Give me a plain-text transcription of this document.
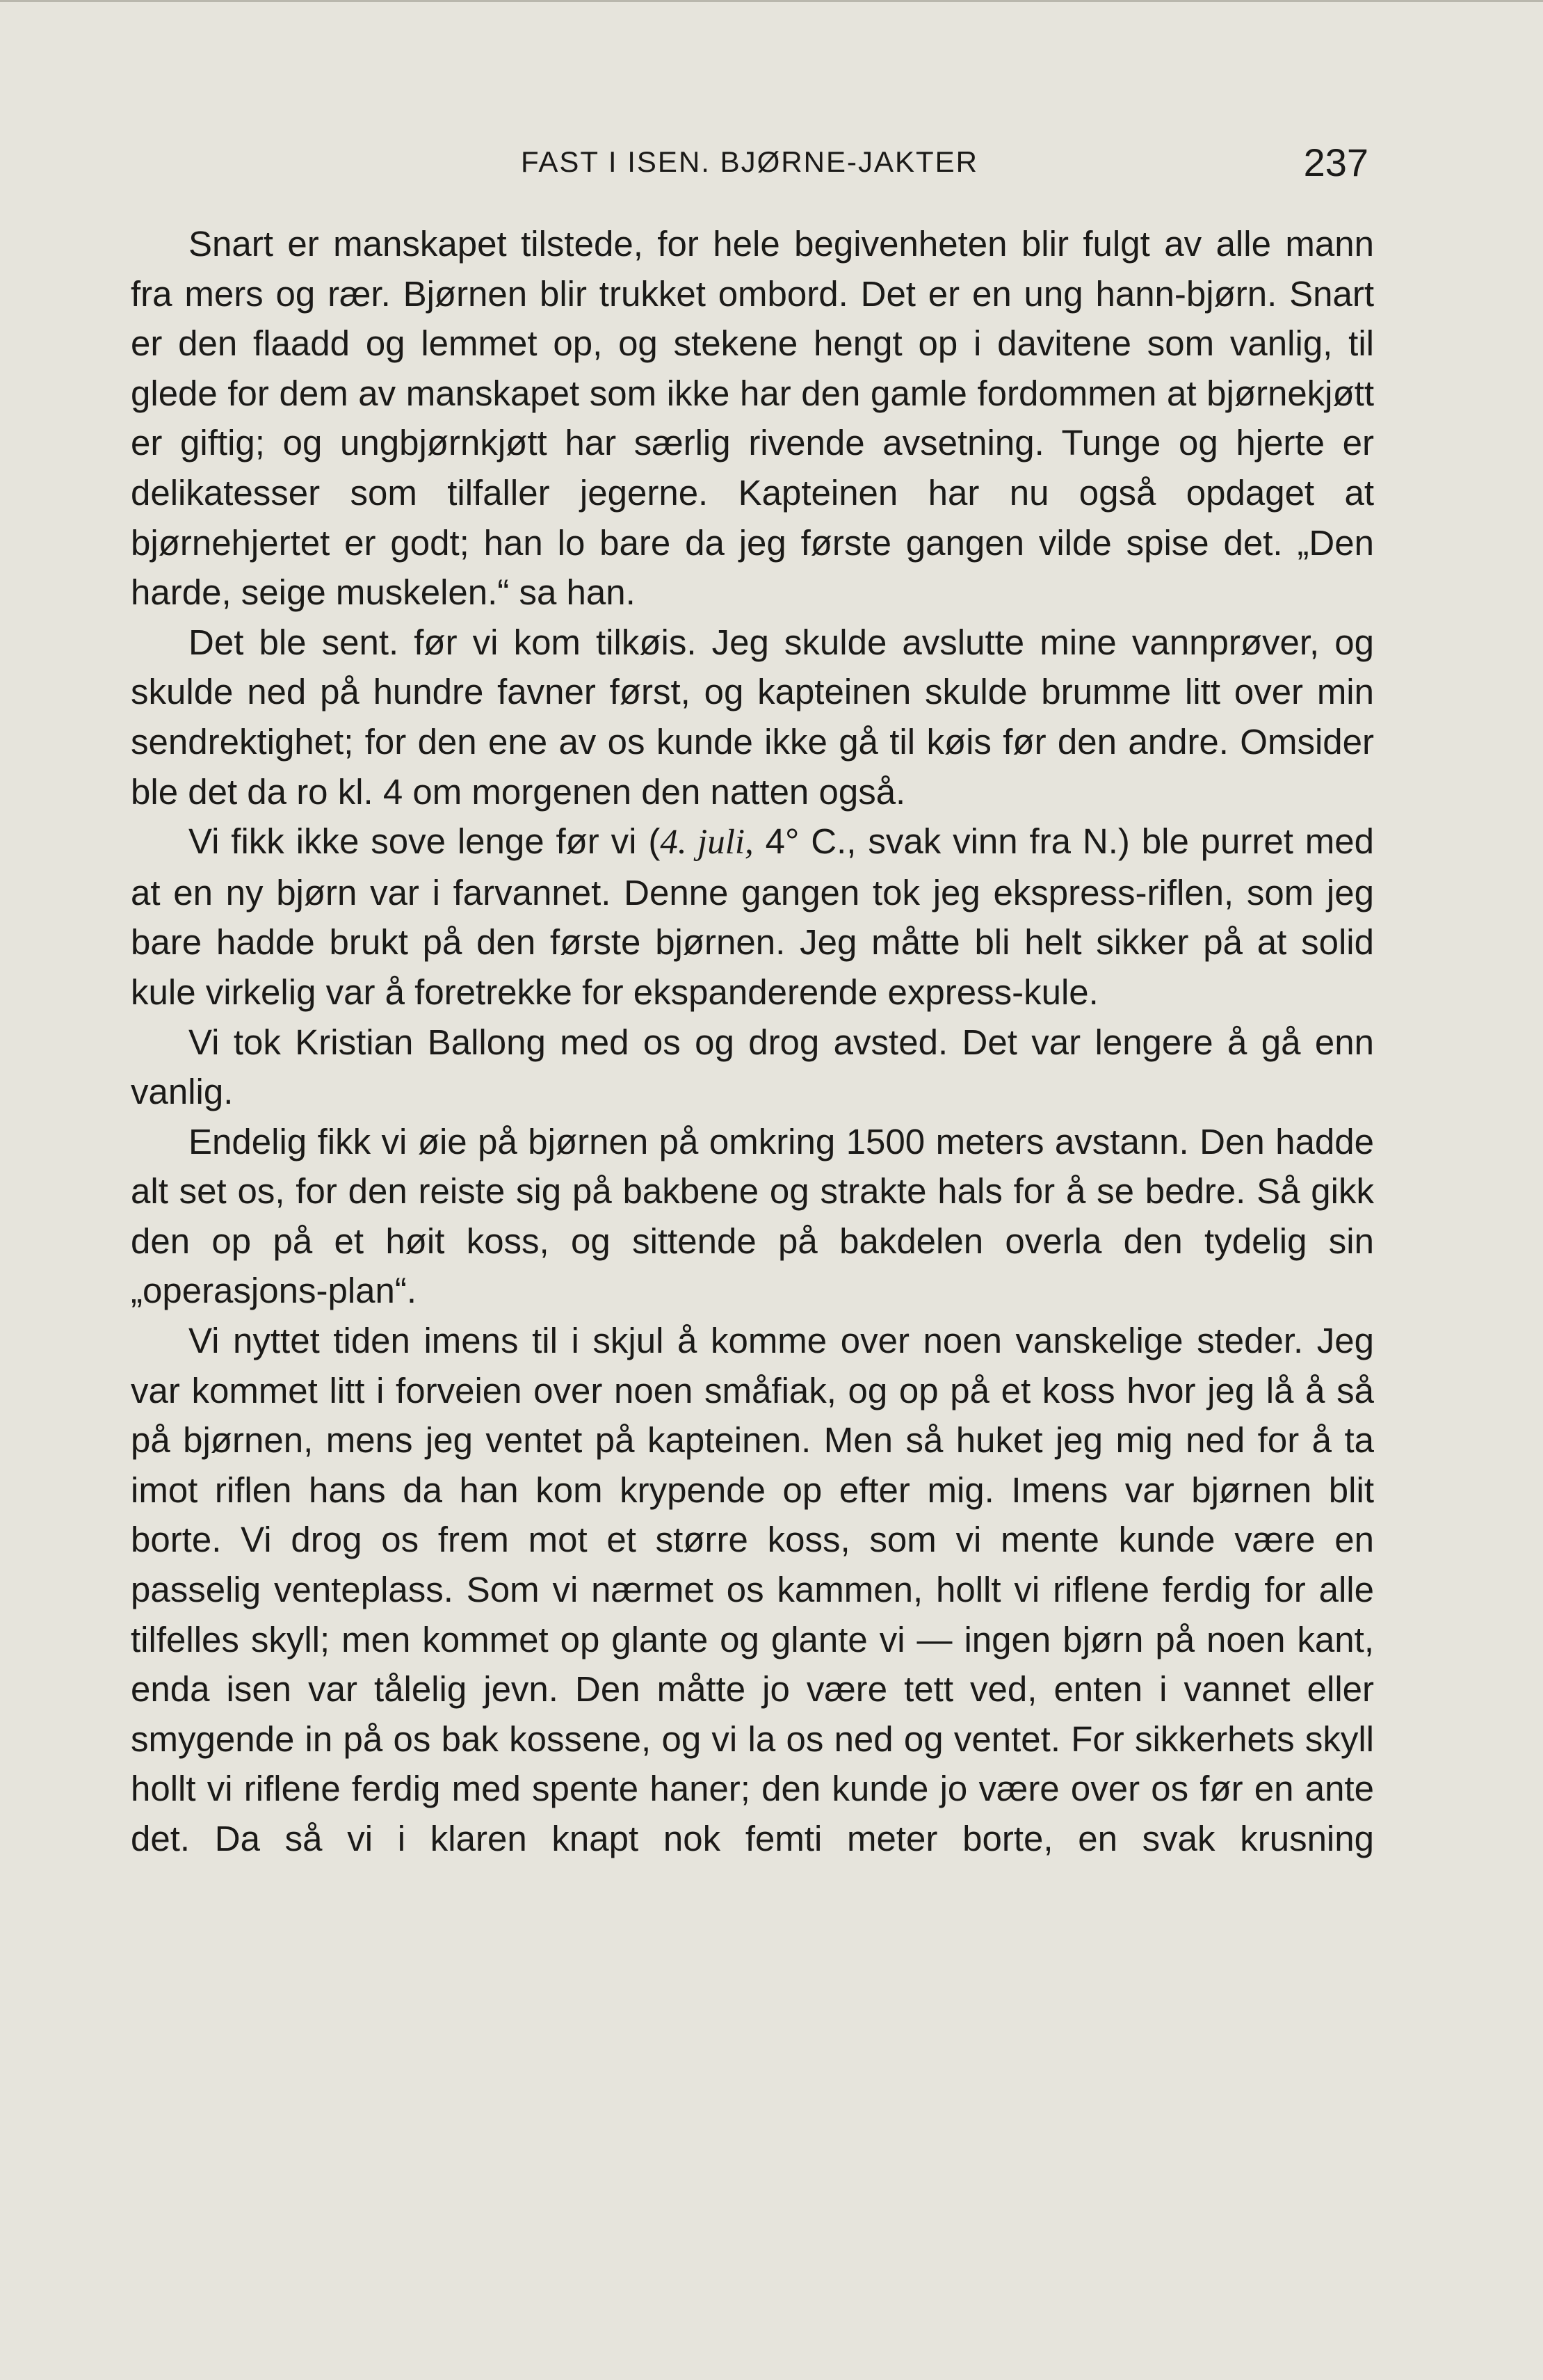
FAST I ISEN. BJØRNE-JAKTER	237

Snart er manskapet tilstede, for hele begivenheten blir fulgt av alle mann fra mers og rær. Bjørnen blir trukket ombord. Det er en ung hann-bjørn. Snart er den flaadd og lemmet op, og stekene hengt op i davitene som vanlig, til glede for dem av manskapet som ikke har den gamle fordommen at bjørnekjøtt er giftig; og ungbjørnkjøtt har særlig rivende avsetning. Tunge og hjerte er delikatesser som tilfaller jegerne. Kapteinen har nu også opdaget at bjørnehjertet er godt; han lo bare da jeg første gangen vilde spise det. „Den harde, seige muskelen.“ sa han.

Det ble sent. før vi kom tilkøis. Jeg skulde avslutte mine vannprøver, og skulde ned på hundre favner først, og kapteinen skulde brumme litt over min sendrektighet; for den ene av os kunde ikke gå til køis før den andre. Omsider ble det da ro kl. 4 om morgenen den natten også.

Vi fikk ikke sove lenge før vi (4. juli, 4° C., svak vinn fra N.) ble purret med at en ny bjørn var i farvannet. Denne gangen tok jeg ekspress-riflen, som jeg bare hadde brukt på den første bjørnen. Jeg måtte bli helt sikker på at solid kule virkelig var å foretrekke for ekspanderende express-kule.

Vi tok Kristian Ballong med os og drog avsted. Det var lengere å gå enn vanlig.

Endelig fikk vi øie på bjørnen på omkring 1500 meters avstann. Den hadde alt set os, for den reiste sig på bakbene og strakte hals for å se bedre. Så gikk den op på et høit koss, og sittende på bakdelen overla den tydelig sin „operasjons-plan“.

Vi nyttet tiden imens til i skjul å komme over noen vanskelige steder. Jeg var kommet litt i forveien over noen småfiak, og op på et koss hvor jeg lå å så på bjørnen, mens jeg ventet på kapteinen. Men så huket jeg mig ned for å ta imot riflen hans da han kom krypende op efter mig. Imens var bjørnen blit borte. Vi drog os frem mot et større koss, som vi mente kunde være en passelig venteplass. Som vi nærmet os kammen, hollt vi riflene ferdig for alle tilfelles skyll; men kommet op glante og glante vi — ingen bjørn på noen kant, enda isen var tålelig jevn. Den måtte jo være tett ved, enten i vannet eller smygende in på os bak kossene, og vi la os ned og ventet. For sikkerhets skyll hollt vi riflene ferdig med spente haner; den kunde jo være over os før en ante det. Da så vi i klaren knapt nok femti meter borte, en svak krusning
